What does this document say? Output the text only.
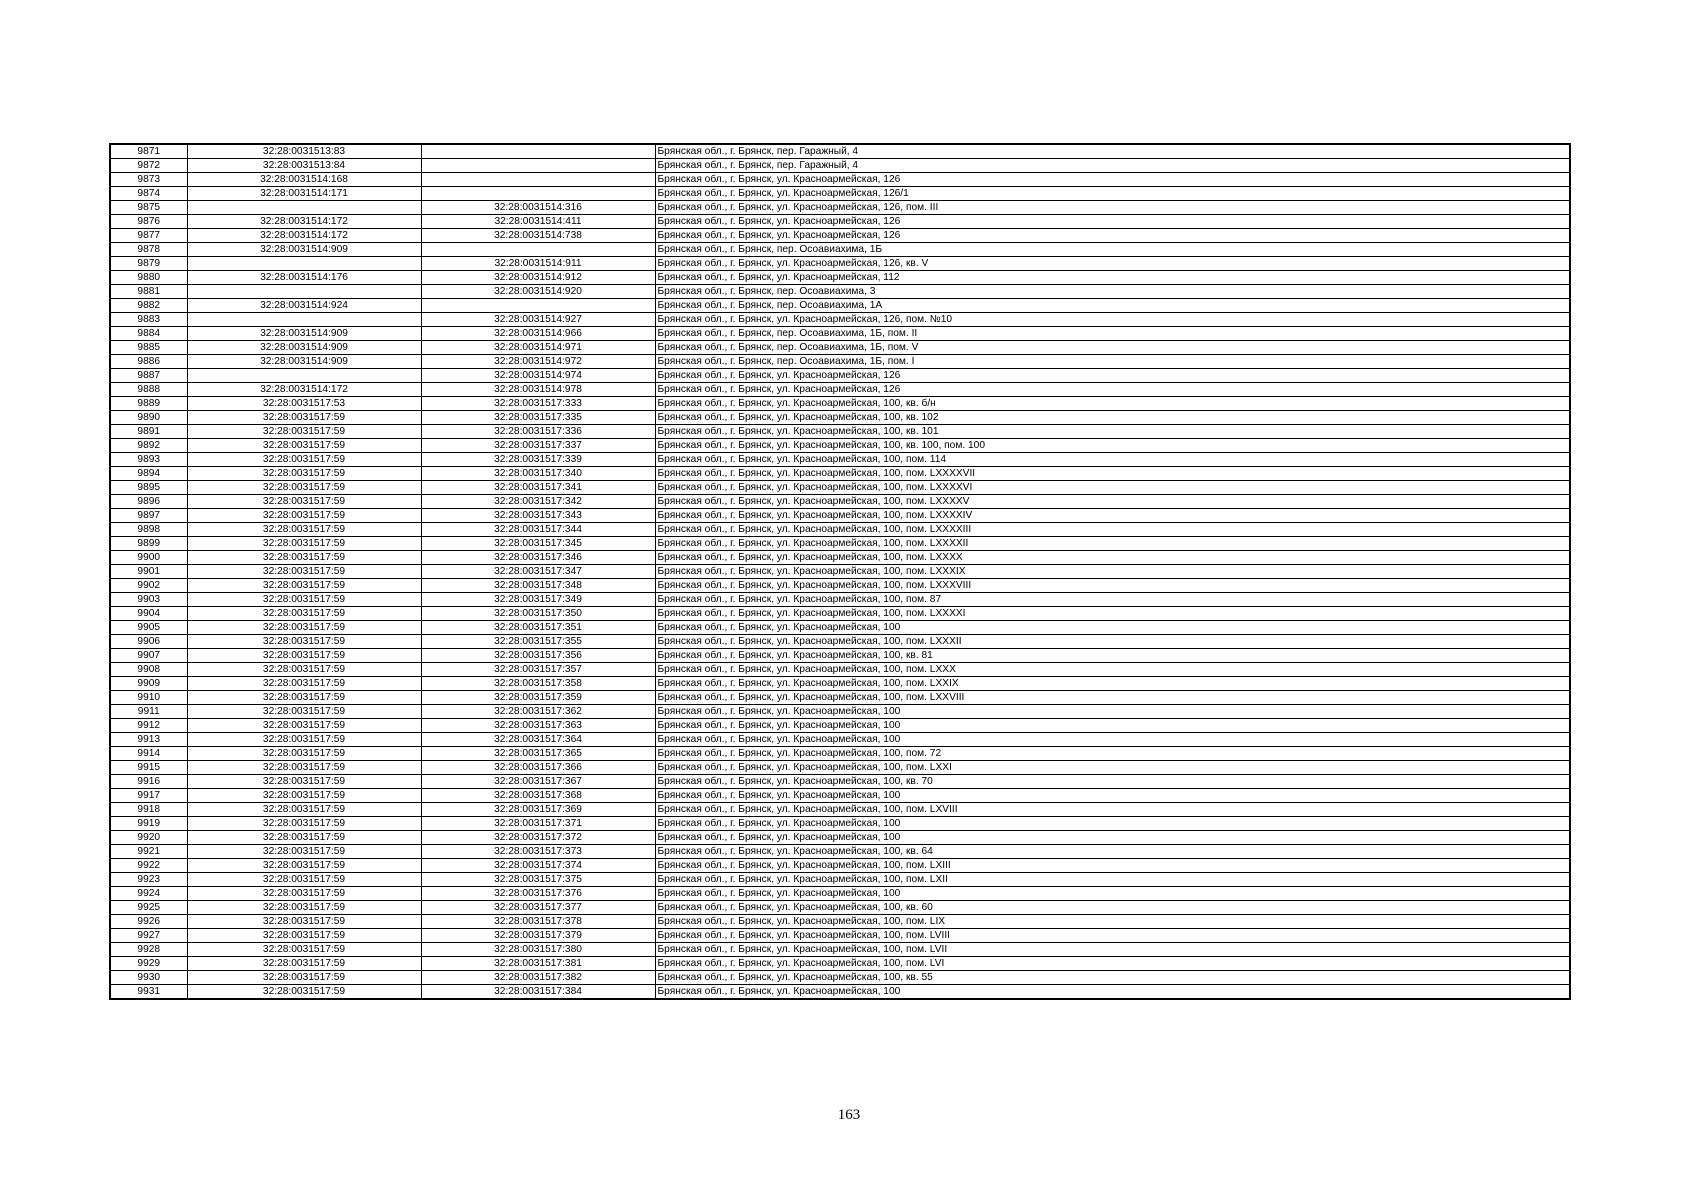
9871	32:28:0031513:83		Брянская обл., г. Брянск, пер. Гаражный, 4
9872	32:28:0031513:84		Брянская обл., г. Брянск, пер. Гаражный, 4
9873	32:28:0031514:168		Брянская обл., г. Брянск, ул. Красноармейская, 126
9874	32:28:0031514:171		Брянская обл., г. Брянск, ул. Красноармейская, 126/1
9875		32:28:0031514:316	Брянская обл., г. Брянск, ул. Красноармейская, 126, пом. III
9876	32:28:0031514:172	32:28:0031514:411	Брянская обл., г. Брянск, ул. Красноармейская, 126
9877	32:28:0031514:172	32:28:0031514:738	Брянская обл., г. Брянск, ул. Красноармейская, 126
9878	32:28:0031514:909		Брянская обл., г. Брянск, пер. Осоавиахима, 1Б
9879		32:28:0031514:911	Брянская обл., г. Брянск, ул. Красноармейская, 126, кв. V
9880	32:28:0031514:176	32:28:0031514:912	Брянская обл., г. Брянск, ул. Красноармейская, 112
9881		32:28:0031514:920	Брянская обл., г. Брянск, пер. Осоавиахима, 3
9882	32:28:0031514:924		Брянская обл., г. Брянск, пер. Осоавиахима, 1А
9883		32:28:0031514:927	Брянская обл., г. Брянск, ул. Красноармейская, 126, пом. №10
9884	32:28:0031514:909	32:28:0031514:966	Брянская обл., г. Брянск, пер. Осоавиахима, 1Б, пом. II
9885	32:28:0031514:909	32:28:0031514:971	Брянская обл., г. Брянск, пер. Осоавиахима, 1Б, пом. V
9886	32:28:0031514:909	32:28:0031514:972	Брянская обл., г. Брянск, пер. Осоавиахима, 1Б, пом. I
9887		32:28:0031514:974	Брянская обл., г. Брянск, ул. Красноармейская, 126
9888	32:28:0031514:172	32:28:0031514:978	Брянская обл., г. Брянск, ул. Красноармейская, 126
9889	32:28:0031517:53	32:28:0031517:333	Брянская обл., г. Брянск, ул. Красноармейская, 100, кв. б/н
9890	32:28:0031517:59	32:28:0031517:335	Брянская обл., г. Брянск, ул. Красноармейская, 100, кв. 102
9891	32:28:0031517:59	32:28:0031517:336	Брянская обл., г. Брянск, ул. Красноармейская, 100, кв. 101
9892	32:28:0031517:59	32:28:0031517:337	Брянская обл., г. Брянск, ул. Красноармейская, 100, кв. 100, пом. 100
9893	32:28:0031517:59	32:28:0031517:339	Брянская обл., г. Брянск, ул. Красноармейская, 100, пом. 114
9894	32:28:0031517:59	32:28:0031517:340	Брянская обл., г. Брянск, ул. Красноармейская, 100, пом. LXXXXVII
9895	32:28:0031517:59	32:28:0031517:341	Брянская обл., г. Брянск, ул. Красноармейская, 100, пом. LXXXXVI
9896	32:28:0031517:59	32:28:0031517:342	Брянская обл., г. Брянск, ул. Красноармейская, 100, пом. LXXXXV
9897	32:28:0031517:59	32:28:0031517:343	Брянская обл., г. Брянск, ул. Красноармейская, 100, пом. LXXXXIV
9898	32:28:0031517:59	32:28:0031517:344	Брянская обл., г. Брянск, ул. Красноармейская, 100, пом. LXXXXIII
9899	32:28:0031517:59	32:28:0031517:345	Брянская обл., г. Брянск, ул. Красноармейская, 100, пом. LXXXXII
9900	32:28:0031517:59	32:28:0031517:346	Брянская обл., г. Брянск, ул. Красноармейская, 100, пом. LXXXX
9901	32:28:0031517:59	32:28:0031517:347	Брянская обл., г. Брянск, ул. Красноармейская, 100, пом. LXXXIX
9902	32:28:0031517:59	32:28:0031517:348	Брянская обл., г. Брянск, ул. Красноармейская, 100, пом. LXXXVIII
9903	32:28:0031517:59	32:28:0031517:349	Брянская обл., г. Брянск, ул. Красноармейская, 100, пом. 87
9904	32:28:0031517:59	32:28:0031517:350	Брянская обл., г. Брянск, ул. Красноармейская, 100, пом. LXXXXI
9905	32:28:0031517:59	32:28:0031517:351	Брянская обл., г. Брянск, ул. Красноармейская, 100
9906	32:28:0031517:59	32:28:0031517:355	Брянская обл., г. Брянск, ул. Красноармейская, 100, пом. LXXXII
9907	32:28:0031517:59	32:28:0031517:356	Брянская обл., г. Брянск, ул. Красноармейская, 100, кв. 81
9908	32:28:0031517:59	32:28:0031517:357	Брянская обл., г. Брянск, ул. Красноармейская, 100, пом. LXXX
9909	32:28:0031517:59	32:28:0031517:358	Брянская обл., г. Брянск, ул. Красноармейская, 100, пом. LXXIX
9910	32:28:0031517:59	32:28:0031517:359	Брянская обл., г. Брянск, ул. Красноармейская, 100, пом. LXXVIII
9911	32:28:0031517:59	32:28:0031517:362	Брянская обл., г. Брянск, ул. Красноармейская, 100
9912	32:28:0031517:59	32:28:0031517:363	Брянская обл., г. Брянск, ул. Красноармейская, 100
9913	32:28:0031517:59	32:28:0031517:364	Брянская обл., г. Брянск, ул. Красноармейская, 100
9914	32:28:0031517:59	32:28:0031517:365	Брянская обл., г. Брянск, ул. Красноармейская, 100, пом. 72
9915	32:28:0031517:59	32:28:0031517:366	Брянская обл., г. Брянск, ул. Красноармейская, 100, пом. LXXI
9916	32:28:0031517:59	32:28:0031517:367	Брянская обл., г. Брянск, ул. Красноармейская, 100, кв. 70
9917	32:28:0031517:59	32:28:0031517:368	Брянская обл., г. Брянск, ул. Красноармейская, 100
9918	32:28:0031517:59	32:28:0031517:369	Брянская обл., г. Брянск, ул. Красноармейская, 100, пом. LXVIII
9919	32:28:0031517:59	32:28:0031517:371	Брянская обл., г. Брянск, ул. Красноармейская, 100
9920	32:28:0031517:59	32:28:0031517:372	Брянская обл., г. Брянск, ул. Красноармейская, 100
9921	32:28:0031517:59	32:28:0031517:373	Брянская обл., г. Брянск, ул. Красноармейская, 100, кв. 64
9922	32:28:0031517:59	32:28:0031517:374	Брянская обл., г. Брянск, ул. Красноармейская, 100, пом. LXIII
9923	32:28:0031517:59	32:28:0031517:375	Брянская обл., г. Брянск, ул. Красноармейская, 100, пом. LXII
9924	32:28:0031517:59	32:28:0031517:376	Брянская обл., г. Брянск, ул. Красноармейская, 100
9925	32:28:0031517:59	32:28:0031517:377	Брянская обл., г. Брянск, ул. Красноармейская, 100, кв. 60
9926	32:28:0031517:59	32:28:0031517:378	Брянская обл., г. Брянск, ул. Красноармейская, 100, пом. LIX
9927	32:28:0031517:59	32:28:0031517:379	Брянская обл., г. Брянск, ул. Красноармейская, 100, пом. LVIII
9928	32:28:0031517:59	32:28:0031517:380	Брянская обл., г. Брянск, ул. Красноармейская, 100, пом. LVII
9929	32:28:0031517:59	32:28:0031517:381	Брянская обл., г. Брянск, ул. Красноармейская, 100, пом. LVI
9930	32:28:0031517:59	32:28:0031517:382	Брянская обл., г. Брянск, ул. Красноармейская, 100, кв. 55
9931	32:28:0031517:59	32:28:0031517:384	Брянская обл., г. Брянск, ул. Красноармейская, 100
163
